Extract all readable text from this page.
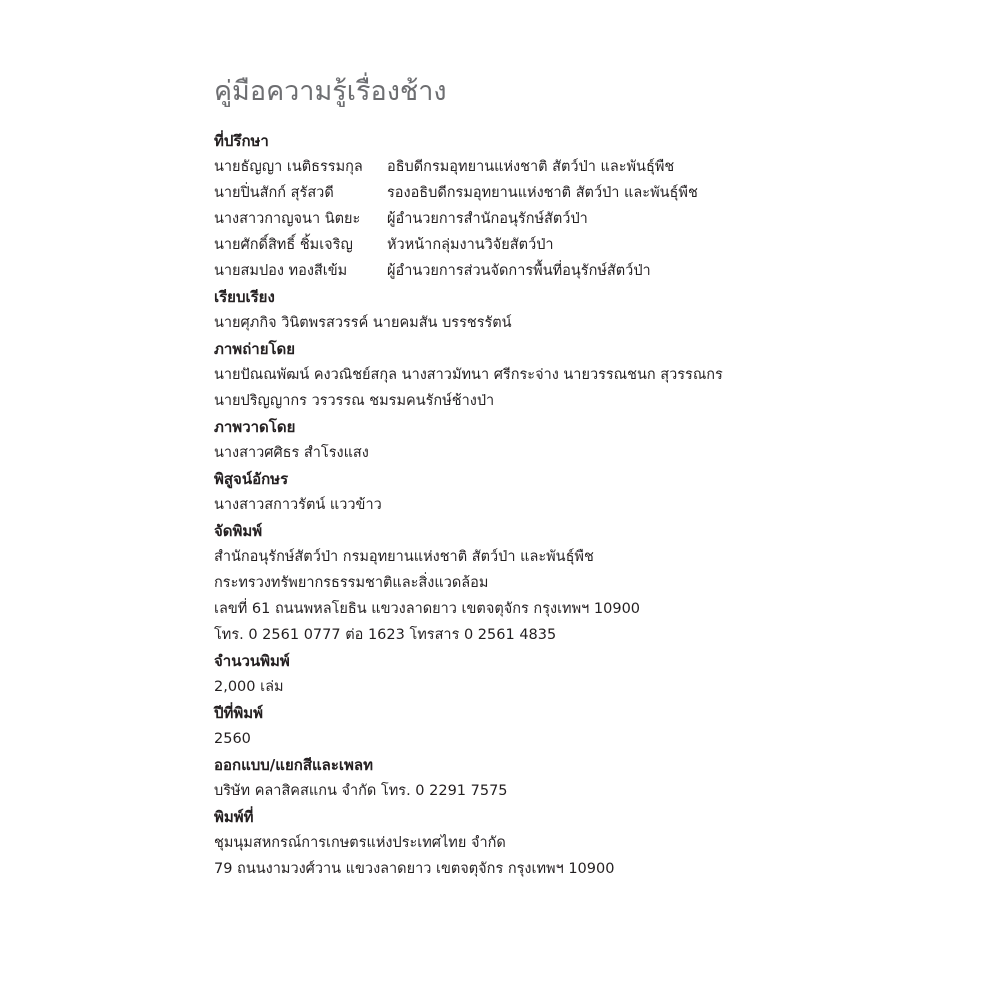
คู่มือความรู้เรื่องช้าง
ที่ปรึกษา
นายธัญญา เนติธรรมกุล	อธิบดีกรมอุทยานแห่งชาติ สัตว์ป่า และพันธุ์พืช
นายปิ่นสักก์ สุรัสวดี	รองอธิบดีกรมอุทยานแห่งชาติ สัตว์ป่า และพันธุ์พืช
นางสาวกาญจนา นิตยะ	ผู้อำนวยการสำนักอนุรักษ์สัตว์ป่า
นายศักดิ์สิทธิ์ ชิ้มเจริญ	หัวหน้ากลุ่มงานวิจัยสัตว์ป่า
นายสมปอง ทองสีเข้ม	ผู้อำนวยการส่วนจัดการพื้นที่อนุรักษ์สัตว์ป่า
เรียบเรียง
นายศุภกิจ วินิตพรสวรรค์ นายคมสัน บรรชรรัตน์
ภาพถ่ายโดย
นายปัณณพัฒน์ คงวณิชย์สกุล นางสาวมัทนา ศรีกระจ่าง นายวรรณชนก สุวรรณกร
นายปริญญากร วรวรรณ ชมรมคนรักษ์ช้างป่า
ภาพวาดโดย
นางสาวศศิธร สำโรงแสง
พิสูจน์อักษร
นางสาวสกาวรัตน์ แววข้าว
จัดพิมพ์
สำนักอนุรักษ์สัตว์ป่า กรมอุทยานแห่งชาติ สัตว์ป่า และพันธุ์พืช
กระทรวงทรัพยากรธรรมชาติและสิ่งแวดล้อม
เลขที่ 61 ถนนพหลโยธิน แขวงลาดยาว เขตจตุจักร กรุงเทพฯ 10900
โทร. 0 2561 0777 ต่อ 1623 โทรสาร 0 2561 4835
จำนวนพิมพ์
2,000 เล่ม
ปีที่พิมพ์
2560
ออกแบบ/แยกสีและเพลท
บริษัท คลาสิคสแกน จำกัด โทร. 0 2291 7575
พิมพ์ที่
ชุมนุมสหกรณ์การเกษตรแห่งประเทศไทย จำกัด
79 ถนนงามวงศ์วาน แขวงลาดยาว เขตจตุจักร กรุงเทพฯ 10900
